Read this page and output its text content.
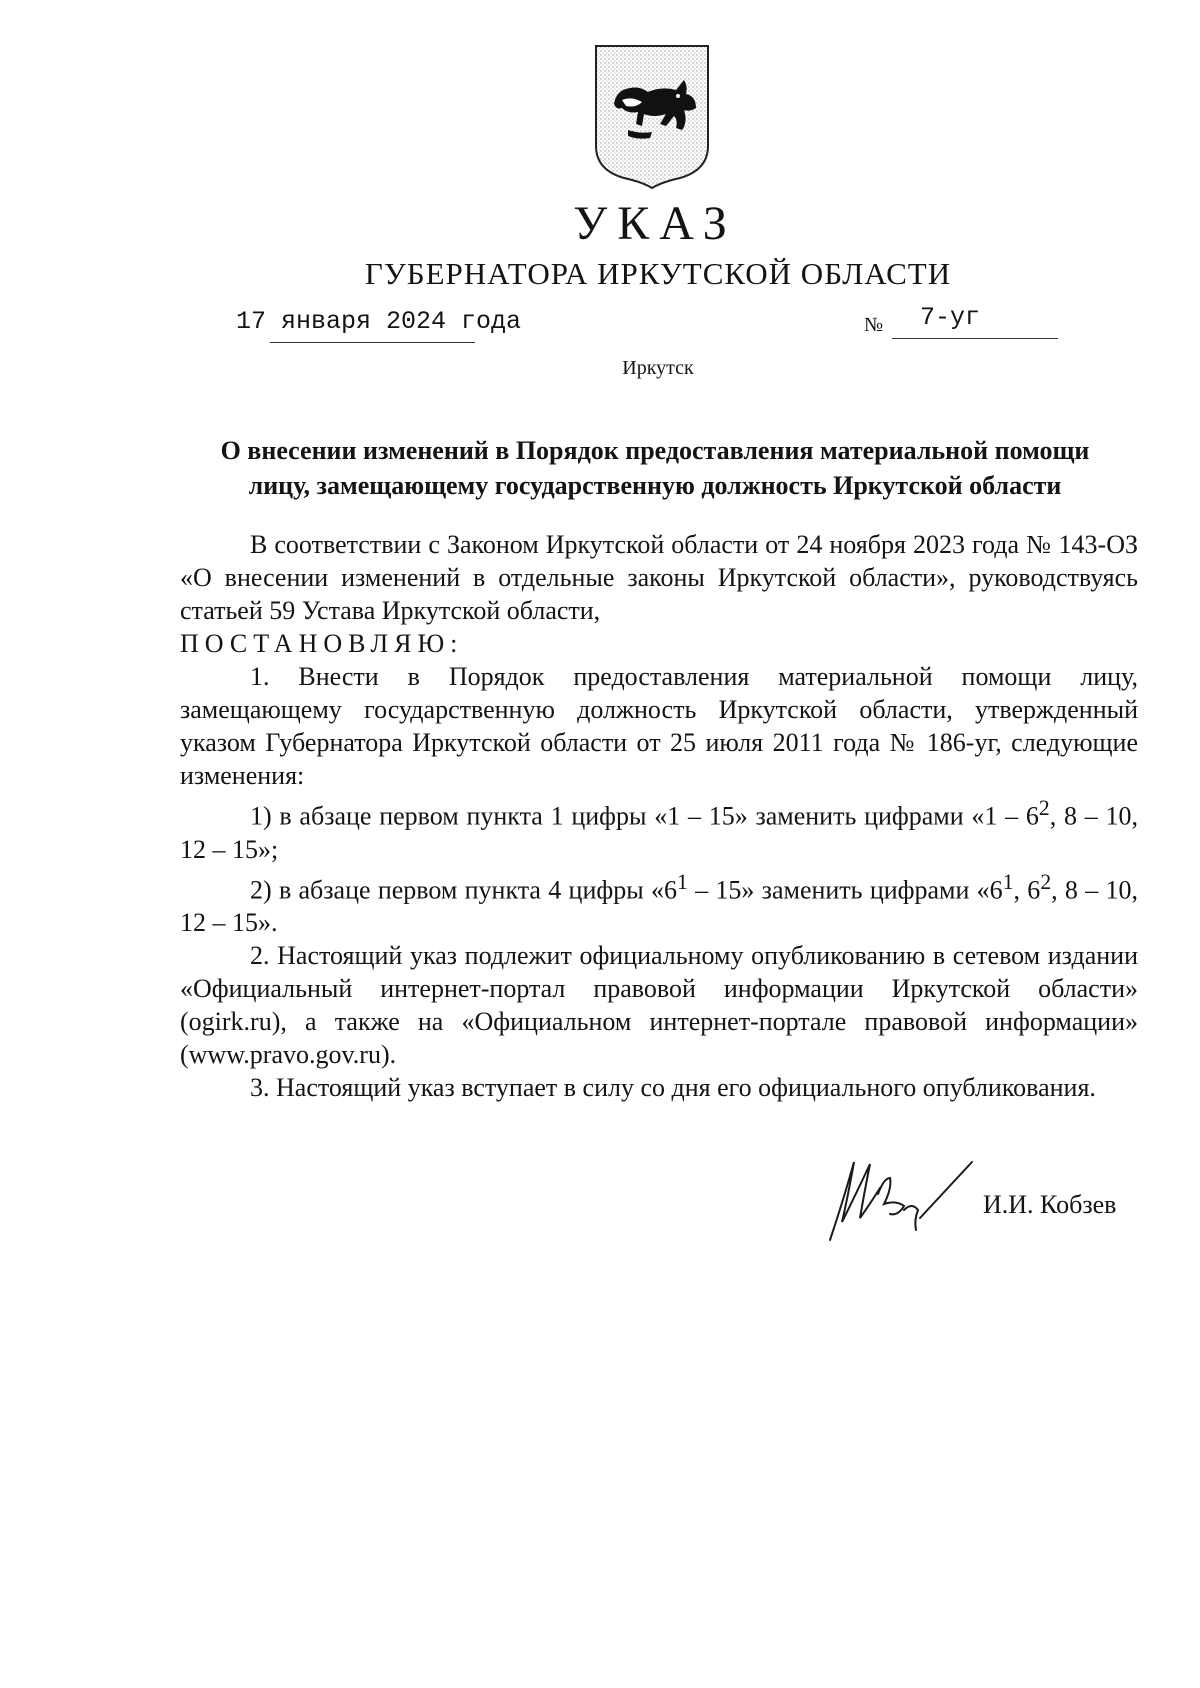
УКАЗ
ГУБЕРНАТОРА ИРКУТСКОЙ ОБЛАСТИ
17 января 2024 года	№ 7-уг
Иркутск
О внесении изменений в Порядок предоставления материальной помощи
лицу, замещающему государственную должность Иркутской области

В соответствии с Законом Иркутской области от 24 ноября 2023 года № 143-ОЗ «О внесении изменений в отдельные законы Иркутской области», руководствуясь статьей 59 Устава Иркутской области,

ПОСТАНОВЛЯЮ:

1. Внести в Порядок предоставления материальной помощи лицу, замещающему государственную должность Иркутской области, утвержденный указом Губернатора Иркутской области от 25 июля 2011 года № 186-уг, следующие изменения:

1) в абзаце первом пункта 1 цифры «1 – 15» заменить цифрами «$1 - 6^2$, 8 – 10, 12 – 15»;

2) в абзаце первом пункта 4 цифры «$6^1 - 15$» заменить цифрами «$6^1$, $6^2$, 8 – 10, 12 – 15».

2. Настоящий указ подлежит официальному опубликованию в сетевом издании «Официальный интернет-портал правовой информации Иркутской области» (ogirk.ru), а также на «Официальном интернет-портале правовой информации» (www.pravo.gov.ru).

3. Настоящий указ вступает в силу со дня его официального опубликования.

И.И. Кобзев
